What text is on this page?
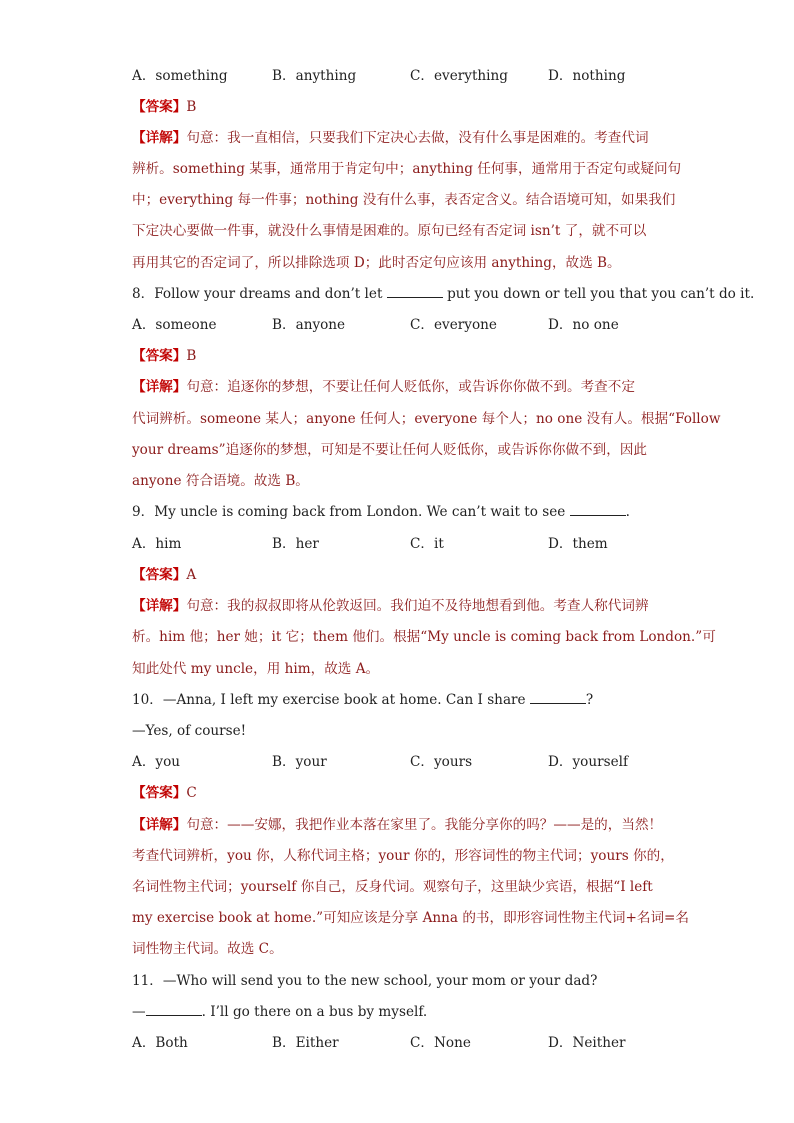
A．something	B．anything	C．everything	D．nothing
【答案】B
【详解】句意：我一直相信，只要我们下定决心去做，没有什么事是困难的。考查代词
辨析。something 某事，通常用于肯定句中；anything 任何事，通常用于否定句或疑问句
中；everything 每一件事；nothing 没有什么事，表否定含义。结合语境可知，如果我们
下定决心要做一件事，就没什么事情是困难的。原句已经有否定词 isn’t 了，就不可以
再用其它的否定词了，所以排除选项 D；此时否定句应该用 anything，故选 B。
8．Follow your dreams and don’t let	put you down or tell you that you can’t do it.
A．someone	B．anyone	C．everyone	D．no one
【答案】B
【详解】句意：追逐你的梦想，不要让任何人贬低你，或告诉你你做不到。考查不定
代词辨析。someone 某人；anyone 任何人；everyone 每个人；no one 没有人。根据“Follow
your dreams”追逐你的梦想，可知是不要让任何人贬低你，或告诉你你做不到，因此
anyone 符合语境。故选 B。
9．My uncle is coming back from London. We can’t wait to see	.
A．him	B．her	C．it	D．them
【答案】A
【详解】句意：我的叔叔即将从伦敦返回。我们迫不及待地想看到他。考查人称代词辨
析。him 他；her 她；it 它；them 他们。根据“My uncle is coming back from London.”可
知此处代 my uncle，用 him，故选 A。
10．—Anna, I left my exercise book at home. Can I share	?
—Yes, of course!
A．you	B．your	C．yours	D．yourself
【答案】C
【详解】句意：——安娜，我把作业本落在家里了。我能分享你的吗？——是的，当然！
考查代词辨析，you 你，人称代词主格；your 你的，形容词性的物主代词；yours 你的，
名词性物主代词；yourself 你自己，反身代词。观察句子，这里缺少宾语，根据“I left
my exercise book at home.”可知应该是分享 Anna 的书，即形容词性物主代词+名词=名
词性物主代词。故选 C。
11．—Who will send you to the new school, your mom or your dad?
—	. I’ll go there on a bus by myself.
A．Both	B．Either	C．None	D．Neither
